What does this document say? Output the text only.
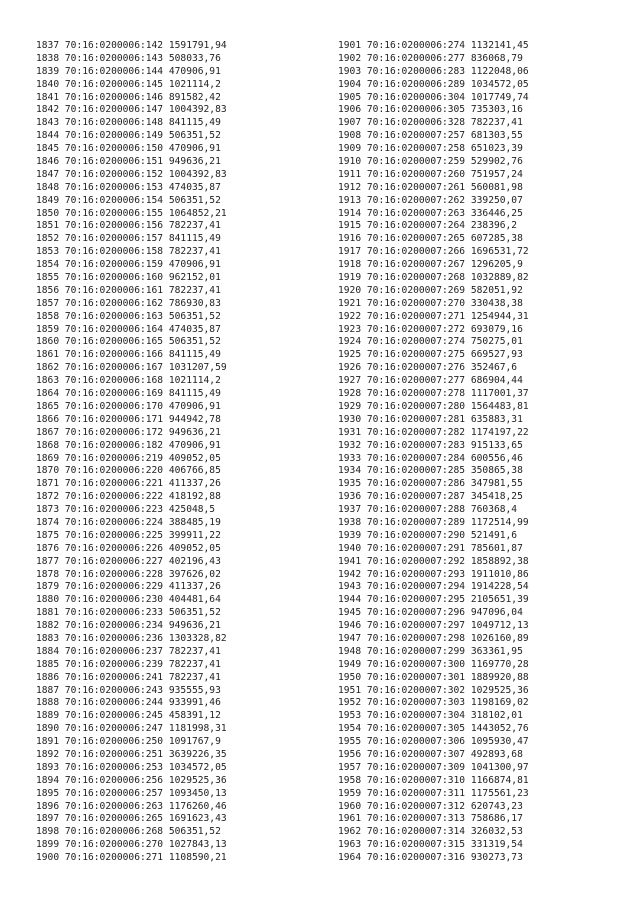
1837 70:16:0200006:142 1591791,94
1838 70:16:0200006:143 508033,76
1839 70:16:0200006:144 470906,91
1840 70:16:0200006:145 1021114,2
1841 70:16:0200006:146 891582,42
1842 70:16:0200006:147 1004392,83
1843 70:16:0200006:148 841115,49
1844 70:16:0200006:149 506351,52
1845 70:16:0200006:150 470906,91
1846 70:16:0200006:151 949636,21
1847 70:16:0200006:152 1004392,83
1848 70:16:0200006:153 474035,87
1849 70:16:0200006:154 506351,52
1850 70:16:0200006:155 1064852,21
1851 70:16:0200006:156 782237,41
1852 70:16:0200006:157 841115,49
1853 70:16:0200006:158 782237,41
1854 70:16:0200006:159 470906,91
1855 70:16:0200006:160 962152,01
1856 70:16:0200006:161 782237,41
1857 70:16:0200006:162 786930,83
1858 70:16:0200006:163 506351,52
1859 70:16:0200006:164 474035,87
1860 70:16:0200006:165 506351,52
1861 70:16:0200006:166 841115,49
1862 70:16:0200006:167 1031207,59
1863 70:16:0200006:168 1021114,2
1864 70:16:0200006:169 841115,49
1865 70:16:0200006:170 470906,91
1866 70:16:0200006:171 944942,78
1867 70:16:0200006:172 949636,21
1868 70:16:0200006:182 470906,91
1869 70:16:0200006:219 409052,05
1870 70:16:0200006:220 406766,85
1871 70:16:0200006:221 411337,26
1872 70:16:0200006:222 418192,88
1873 70:16:0200006:223 425048,5
1874 70:16:0200006:224 388485,19
1875 70:16:0200006:225 399911,22
1876 70:16:0200006:226 409052,05
1877 70:16:0200006:227 402196,43
1878 70:16:0200006:228 397626,02
1879 70:16:0200006:229 411337,26
1880 70:16:0200006:230 404481,64
1881 70:16:0200006:233 506351,52
1882 70:16:0200006:234 949636,21
1883 70:16:0200006:236 1303328,82
1884 70:16:0200006:237 782237,41
1885 70:16:0200006:239 782237,41
1886 70:16:0200006:241 782237,41
1887 70:16:0200006:243 935555,93
1888 70:16:0200006:244 933991,46
1889 70:16:0200006:245 458391,12
1890 70:16:0200006:247 1181998,31
1891 70:16:0200006:250 1091767,9
1892 70:16:0200006:251 3639226,35
1893 70:16:0200006:253 1034572,05
1894 70:16:0200006:256 1029525,36
1895 70:16:0200006:257 1093450,13
1896 70:16:0200006:263 1176260,46
1897 70:16:0200006:265 1691623,43
1898 70:16:0200006:268 506351,52
1899 70:16:0200006:270 1027843,13
1900 70:16:0200006:271 1108590,21
1901 70:16:0200006:274 1132141,45
1902 70:16:0200006:277 836068,79
1903 70:16:0200006:283 1122048,06
1904 70:16:0200006:289 1034572,05
1905 70:16:0200006:304 1017749,74
1906 70:16:0200006:305 735303,16
1907 70:16:0200006:328 782237,41
1908 70:16:0200007:257 681303,55
1909 70:16:0200007:258 651023,39
1910 70:16:0200007:259 529902,76
1911 70:16:0200007:260 751957,24
1912 70:16:0200007:261 560081,98
1913 70:16:0200007:262 339250,07
1914 70:16:0200007:263 336446,25
1915 70:16:0200007:264 238396,2
1916 70:16:0200007:265 607285,38
1917 70:16:0200007:266 1696531,72
1918 70:16:0200007:267 1296205,9
1919 70:16:0200007:268 1032889,82
1920 70:16:0200007:269 582051,92
1921 70:16:0200007:270 330438,38
1922 70:16:0200007:271 1254944,31
1923 70:16:0200007:272 693079,16
1924 70:16:0200007:274 750275,01
1925 70:16:0200007:275 669527,93
1926 70:16:0200007:276 352467,6
1927 70:16:0200007:277 686904,44
1928 70:16:0200007:278 1117001,37
1929 70:16:0200007:280 1564483,81
1930 70:16:0200007:281 635883,31
1931 70:16:0200007:282 1174197,22
1932 70:16:0200007:283 915133,65
1933 70:16:0200007:284 600556,46
1934 70:16:0200007:285 350865,38
1935 70:16:0200007:286 347981,55
1936 70:16:0200007:287 345418,25
1937 70:16:0200007:288 760368,4
1938 70:16:0200007:289 1172514,99
1939 70:16:0200007:290 521491,6
1940 70:16:0200007:291 785601,87
1941 70:16:0200007:292 1858892,38
1942 70:16:0200007:293 1911010,86
1943 70:16:0200007:294 1914228,54
1944 70:16:0200007:295 2105651,39
1945 70:16:0200007:296 947096,04
1946 70:16:0200007:297 1049712,13
1947 70:16:0200007:298 1026160,89
1948 70:16:0200007:299 363361,95
1949 70:16:0200007:300 1169770,28
1950 70:16:0200007:301 1889920,88
1951 70:16:0200007:302 1029525,36
1952 70:16:0200007:303 1198169,02
1953 70:16:0200007:304 318102,01
1954 70:16:0200007:305 1443052,76
1955 70:16:0200007:306 1095930,47
1956 70:16:0200007:307 492893,68
1957 70:16:0200007:309 1041300,97
1958 70:16:0200007:310 1166874,81
1959 70:16:0200007:311 1175561,23
1960 70:16:0200007:312 620743,23
1961 70:16:0200007:313 758686,17
1962 70:16:0200007:314 326032,53
1963 70:16:0200007:315 331319,54
1964 70:16:0200007:316 930273,73
